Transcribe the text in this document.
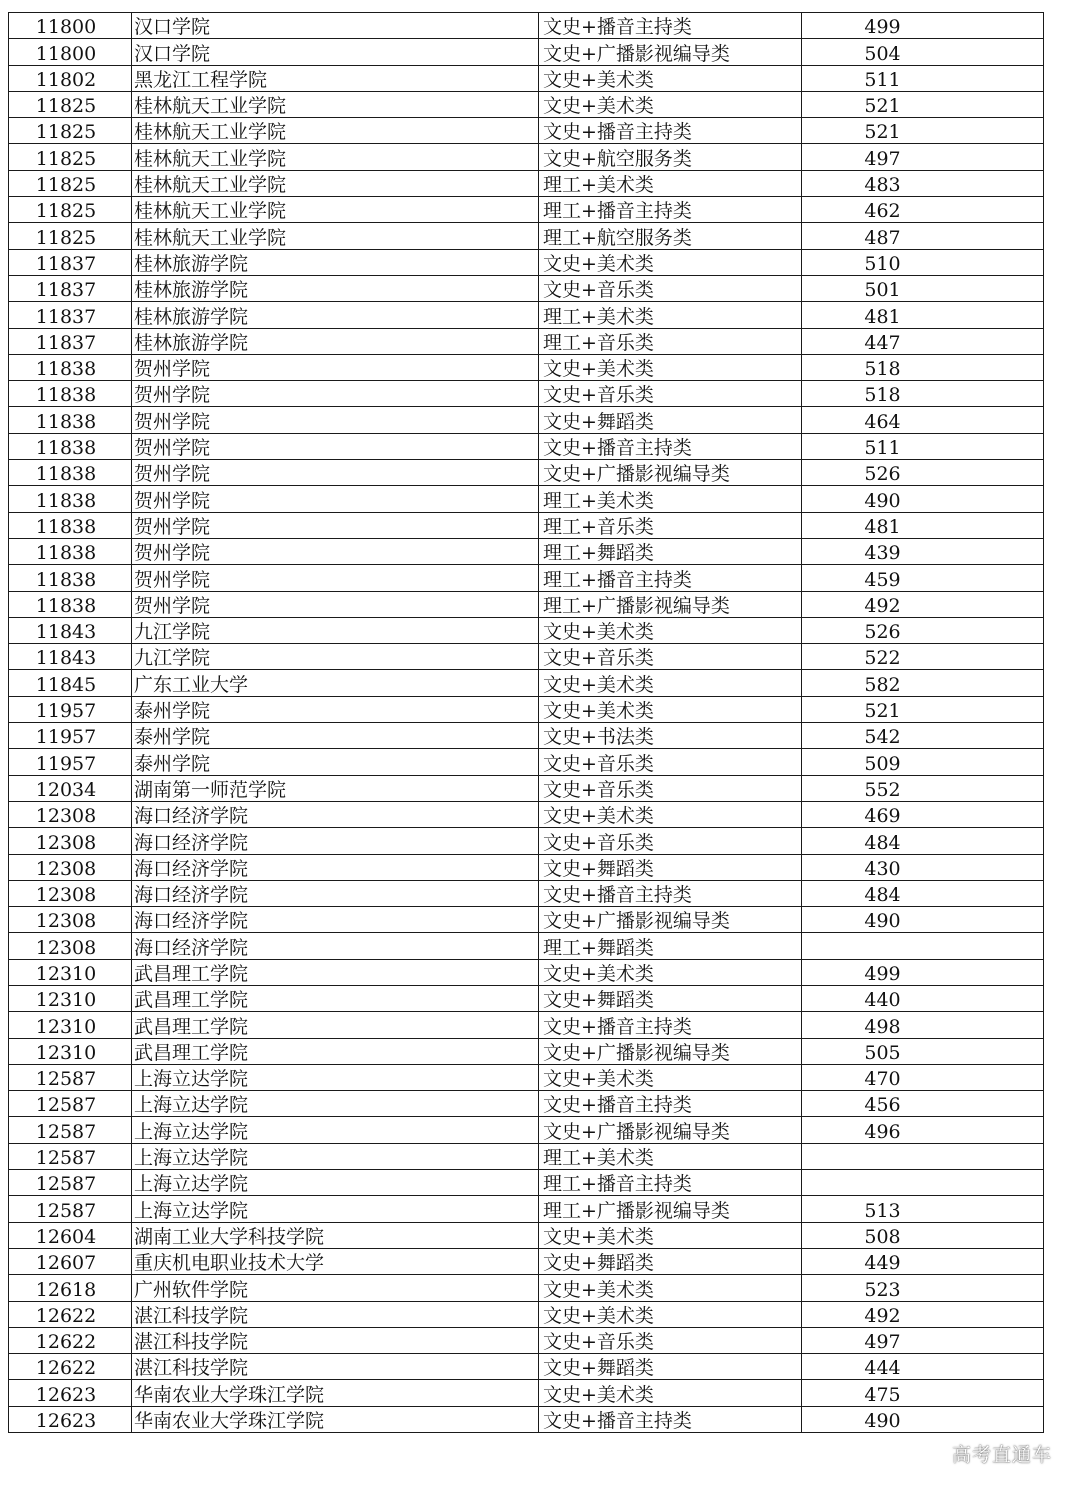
11800	汉口学院	文史+播音主持类	499
11800	汉口学院	文史+广播影视编导类	504
11802	黑龙江工程学院	文史+美术类	511
11825	桂林航天工业学院	文史+美术类	521
11825	桂林航天工业学院	文史+播音主持类	521
11825	桂林航天工业学院	文史+航空服务类	497
11825	桂林航天工业学院	理工+美术类	483
11825	桂林航天工业学院	理工+播音主持类	462
11825	桂林航天工业学院	理工+航空服务类	487
11837	桂林旅游学院	文史+美术类	510
11837	桂林旅游学院	文史+音乐类	501
11837	桂林旅游学院	理工+美术类	481
11837	桂林旅游学院	理工+音乐类	447
11838	贺州学院	文史+美术类	518
11838	贺州学院	文史+音乐类	518
11838	贺州学院	文史+舞蹈类	464
11838	贺州学院	文史+播音主持类	511
11838	贺州学院	文史+广播影视编导类	526
11838	贺州学院	理工+美术类	490
11838	贺州学院	理工+音乐类	481
11838	贺州学院	理工+舞蹈类	439
11838	贺州学院	理工+播音主持类	459
11838	贺州学院	理工+广播影视编导类	492
11843	九江学院	文史+美术类	526
11843	九江学院	文史+音乐类	522
11845	广东工业大学	文史+美术类	582
11957	泰州学院	文史+美术类	521
11957	泰州学院	文史+书法类	542
11957	泰州学院	文史+音乐类	509
12034	湖南第一师范学院	文史+音乐类	552
12308	海口经济学院	文史+美术类	469
12308	海口经济学院	文史+音乐类	484
12308	海口经济学院	文史+舞蹈类	430
12308	海口经济学院	文史+播音主持类	484
12308	海口经济学院	文史+广播影视编导类	490
12308	海口经济学院	理工+舞蹈类	
12310	武昌理工学院	文史+美术类	499
12310	武昌理工学院	文史+舞蹈类	440
12310	武昌理工学院	文史+播音主持类	498
12310	武昌理工学院	文史+广播影视编导类	505
12587	上海立达学院	文史+美术类	470
12587	上海立达学院	文史+播音主持类	456
12587	上海立达学院	文史+广播影视编导类	496
12587	上海立达学院	理工+美术类	
12587	上海立达学院	理工+播音主持类	
12587	上海立达学院	理工+广播影视编导类	513
12604	湖南工业大学科技学院	文史+美术类	508
12607	重庆机电职业技术大学	文史+舞蹈类	449
12618	广州软件学院	文史+美术类	523
12622	湛江科技学院	文史+美术类	492
12622	湛江科技学院	文史+音乐类	497
12622	湛江科技学院	文史+舞蹈类	444
12623	华南农业大学珠江学院	文史+美术类	475
12623	华南农业大学珠江学院	文史+播音主持类	490
高考直通车
